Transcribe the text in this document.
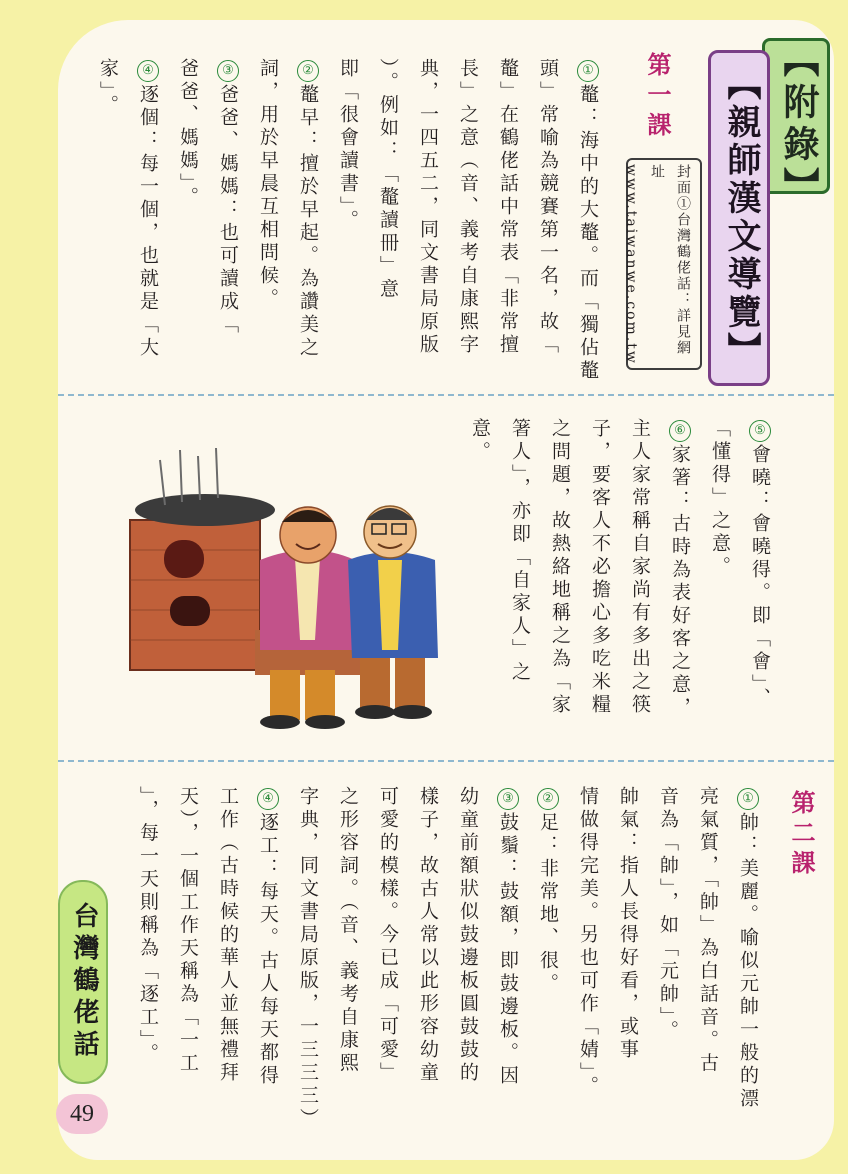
【附錄】
【親師漢文導覽】
封面①台灣鶴佬話：詳見網址www.taiwanwe.com.tw
第一課
①鼇：海中的大鼇。而「獨佔鼇
頭」常喻為競賽第一名，故「
鼇」在鶴佬話中常表「非常擅
長」之意（音、義考自康熙字
典，一四五二，同文書局原版
）。例如：「鼇讀冊」意
即「很會讀書」。
②鼇早：擅於早起。為讚美之
詞，用於早晨互相問候。
③爸爸、媽媽：也可讀成「
爸爸、媽媽」。
④逐個：每一個，也就是「大
家」。
⑤會曉：會曉得。即「會」、
「懂得」之意。
⑥家箸：古時為表好客之意，
主人家常稱自家尚有多出之筷
子，要客人不必擔心多吃米糧
之問題，故熱絡地稱之為「家
箸人」，亦即「自家人」之
意。
第二課
①帥：美麗。喻似元帥一般的漂
亮氣質，「帥」為白話音。古
音為「帥」，如「元帥」。
帥氣：指人長得好看，或事
情做得完美。另也可作「婧」。
②足：非常地、很。
③鼓鬚：鼓額，即鼓邊板。因
幼童前額狀似鼓邊板圓鼓鼓的
樣子，故古人常以此形容幼童
可愛的模樣。今已成「可愛」
之形容詞。（音、義考自康熙
字典，同文書局原版，一三三三）
④逐工：每天。古人每天都得
工作（古時候的華人並無禮拜
天），一個工作天稱為「一工
」，每一天則稱為「逐工」。
台灣鶴佬話
49
